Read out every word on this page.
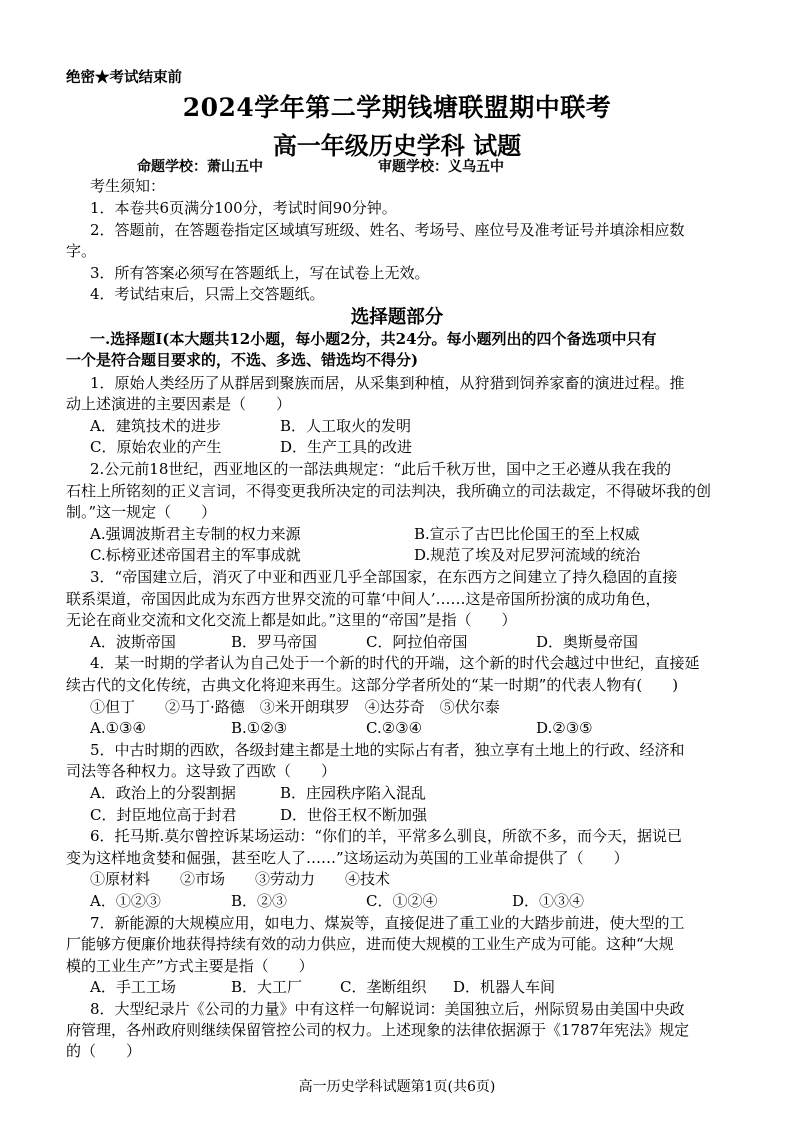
绝密★考试结束前
2024学年第二学期钱塘联盟期中联考
高一年级历史学科 试题
命题学校：萧山五中	审题学校：义乌五中
考生须知：
1．本卷共6页满分100分，考试时间90分钟。
2．答题前，在答题卷指定区域填写班级、姓名、考场号、座位号及准考证号并填涂相应数
字。
3．所有答案必须写在答题纸上，写在试卷上无效。
4．考试结束后，只需上交答题纸。
选择题部分
一.选择题Ⅰ(本大题共12小题，每小题2分，共24分。每小题列出的四个备选项中只有
一个是符合题目要求的，不选、多选、错选均不得分)
1．原始人类经历了从群居到聚族而居，从采集到种植，从狩猎到饲养家畜的演进过程。推
动上述演进的主要因素是（　　）
A．建筑技术的进步	B．人工取火的发明
C．原始农业的产生	D．生产工具的改进
2.公元前18世纪，西亚地区的一部法典规定：“此后千秋万世，国中之王必遵从我在我的
石柱上所铭刻的正义言词，不得变更我所决定的司法判决，我所确立的司法裁定，不得破坏我的创
制。”这一规定（　　）
A.强调波斯君主专制的权力来源	B.宣示了古巴比伦国王的至上权威
C.标榜亚述帝国君主的军事成就	D.规范了埃及对尼罗河流域的统治
3．“帝国建立后，消灭了中亚和西亚几乎全部国家，在东西方之间建立了持久稳固的直接
联系渠道，帝国因此成为东西方世界交流的可靠‘中间人’……这是帝国所扮演的成功角色，
无论在商业交流和文化交流上都是如此。”这里的“帝国”是指（　　）
A．波斯帝国	B．罗马帝国	C．阿拉伯帝国	D．奥斯曼帝国
4．某一时期的学者认为自己处于一个新的时代的开端，这个新的时代会越过中世纪，直接延
续古代的文化传统，古典文化将迎来再生。这部分学者所处的“某一时期”的代表人物有(　　)
①但丁　　②马丁·路德　③米开朗琪罗　④达芬奇　⑤伏尔泰
A.①③④	B.①②③	C.②③④	D.②③⑤
5．中古时期的西欧，各级封建主都是土地的实际占有者，独立享有土地上的行政、经济和
司法等各种权力。这导致了西欧（　　）
A．政治上的分裂割据	B．庄园秩序陷入混乱
C．封臣地位高于封君	D．世俗王权不断加强
6．托马斯.莫尔曾控诉某场运动：“你们的羊，平常多么驯良，所欲不多，而今天，据说已
变为这样地贪婪和倔强，甚至吃人了……”这场运动为英国的工业革命提供了（　　）
①原材料　　②市场　　③劳动力　　④技术
A．①②③	B．②③	C．①②④	D．①③④
7．新能源的大规模应用，如电力、煤炭等，直接促进了重工业的大踏步前进，使大型的工
厂能够方便廉价地获得持续有效的动力供应，进而使大规模的工业生产成为可能。这种“大规
模的工业生产”方式主要是指（　　）
A．手工工场	B．大工厂	C．垄断组织 D．机器人车间
8．大型纪录片《公司的力量》中有这样一句解说词：美国独立后，州际贸易由美国中央政
府管理，各州政府则继续保留管控公司的权力。上述现象的法律依据源于《1787年宪法》规定
高一历史学科试题第1页(共6页)
的（　　）
